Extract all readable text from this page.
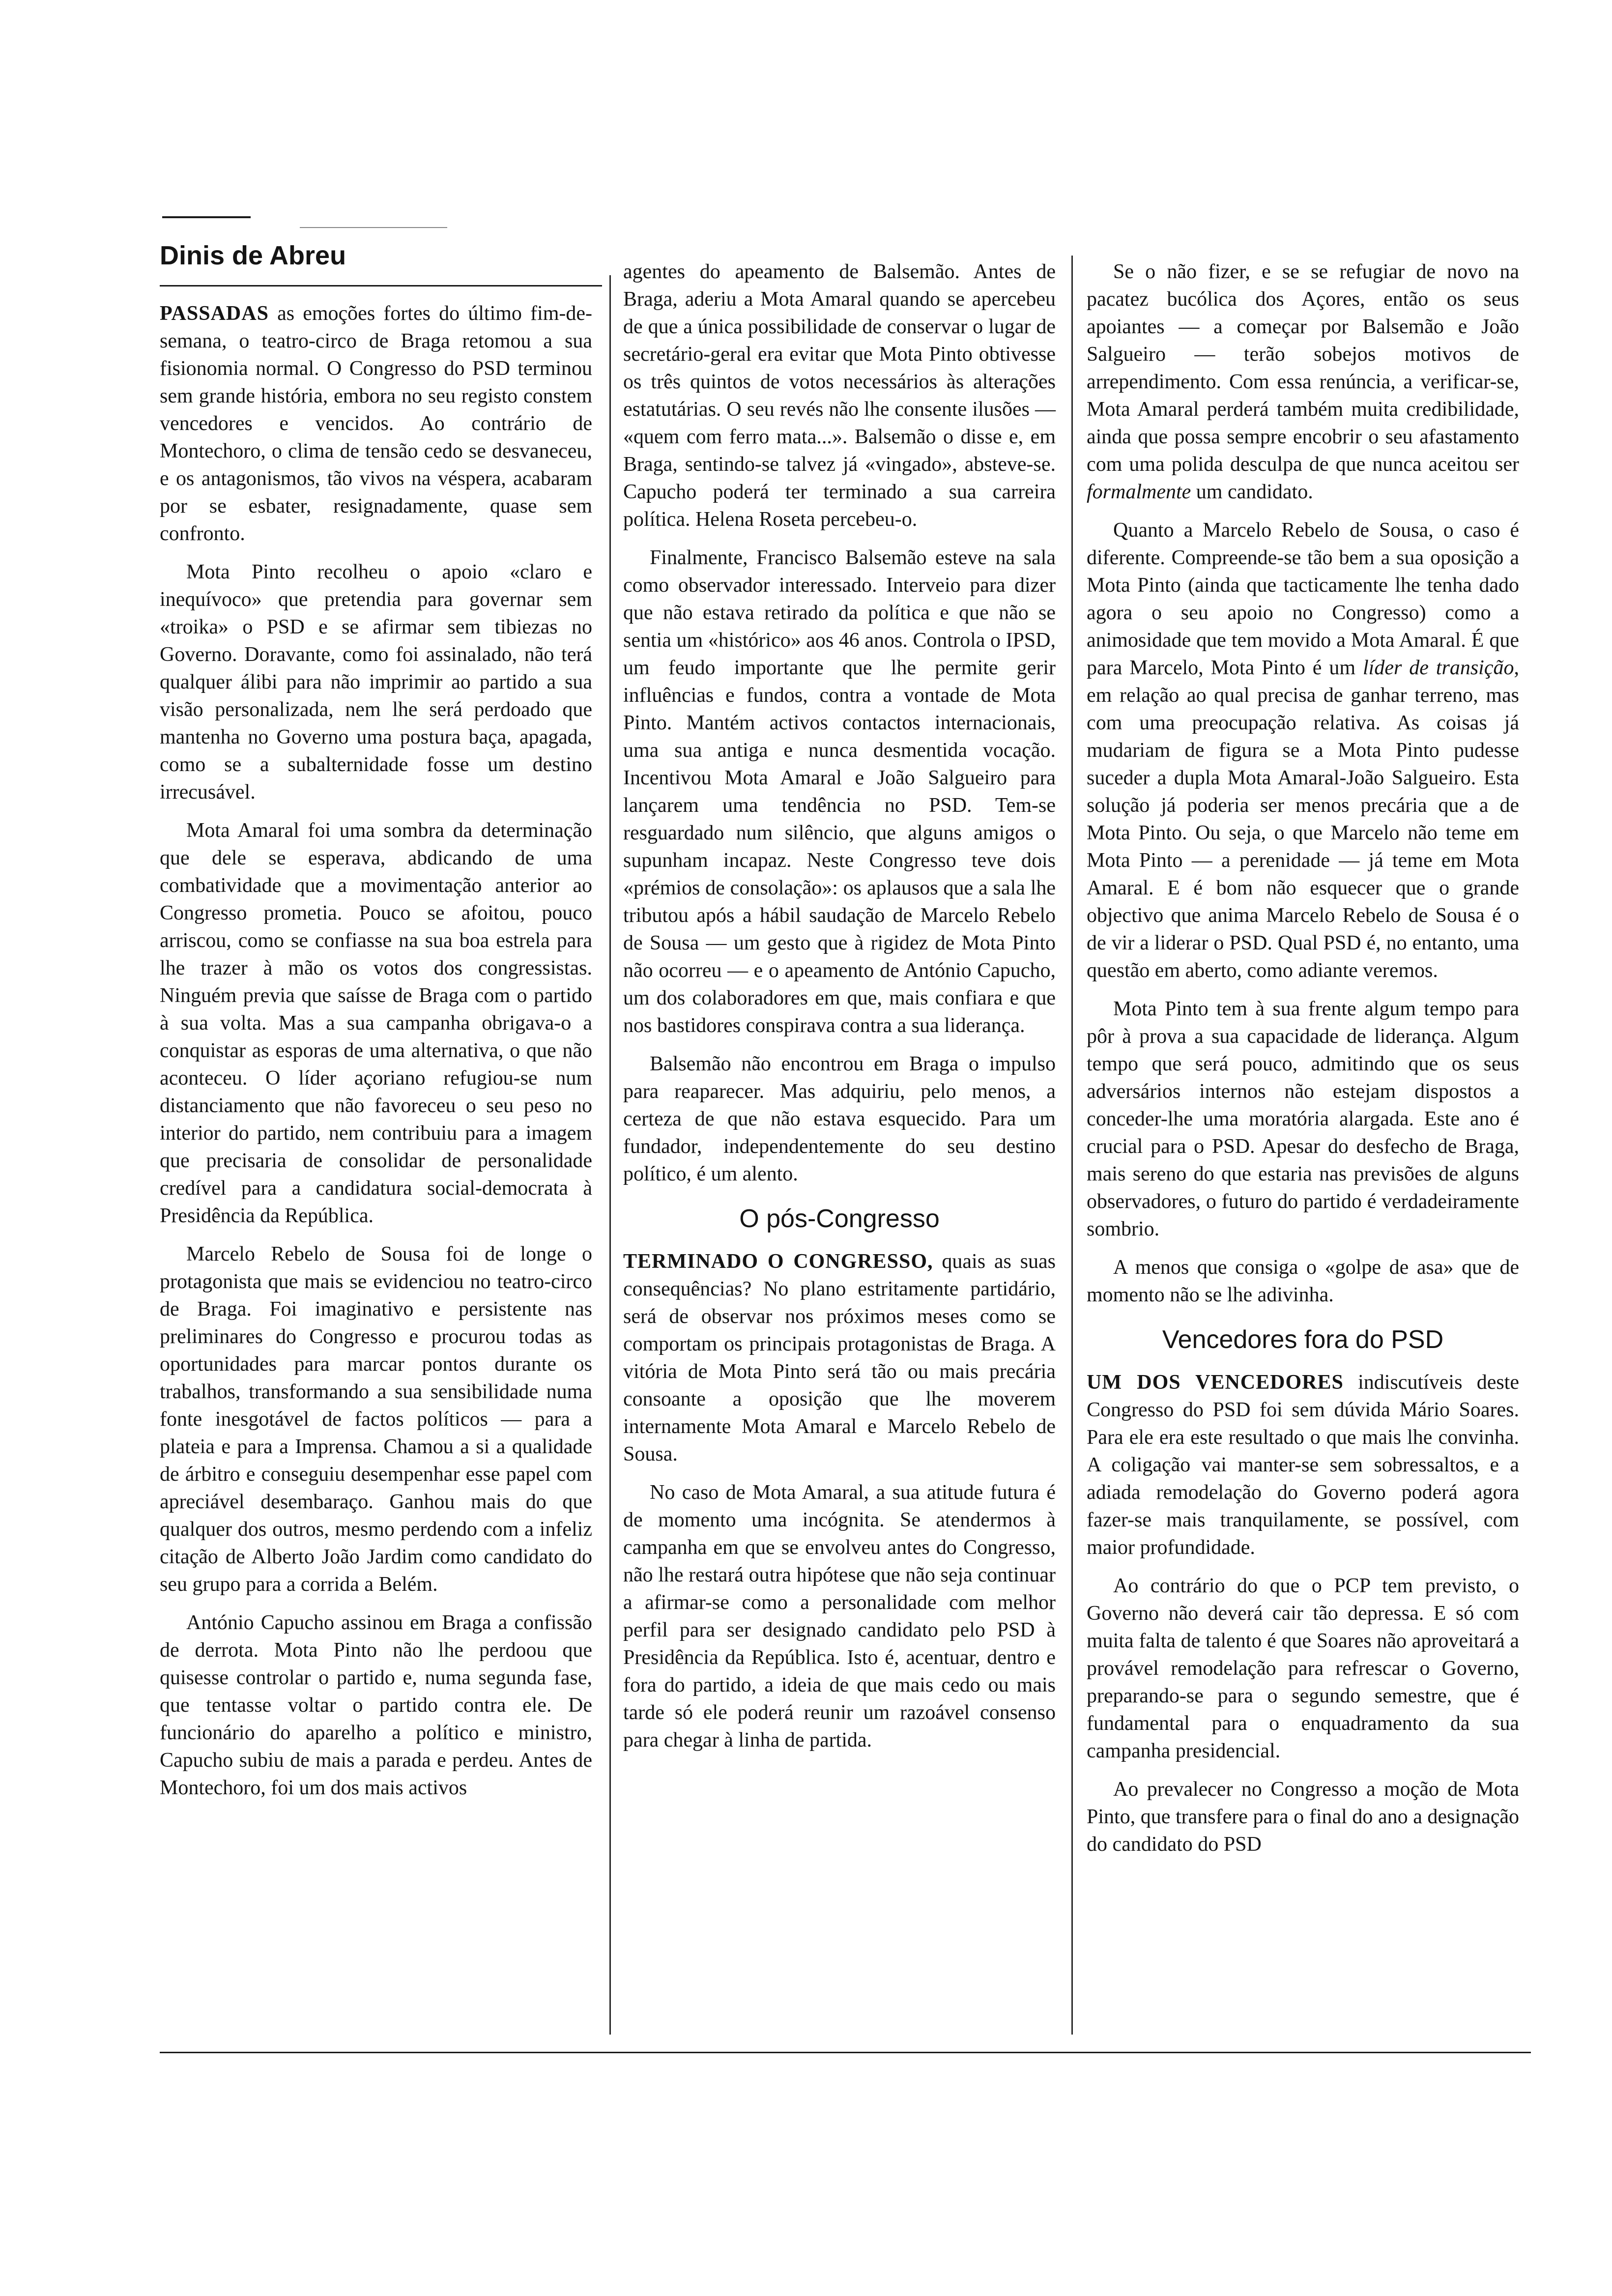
Dinis de Abreu

PASSADAS as emoções fortes do último fim-de-semana, o teatro-circo de Braga retomou a sua fisionomia normal. O Congresso do PSD terminou sem grande história, embora no seu registo constem vencedores e vencidos. Ao contrário de Montechoro, o clima de tensão cedo se desvaneceu, e os antagonismos, tão vivos na véspera, acabaram por se esbater, resignadamente, quase sem confronto.

Mota Pinto recolheu o apoio «claro e inequívoco» que pretendia para governar sem «troika» o PSD e se afirmar sem tibiezas no Governo. Doravante, como foi assinalado, não terá qualquer álibi para não imprimir ao partido a sua visão personalizada, nem lhe será perdoado que mantenha no Governo uma postura baça, apagada, como se a subalternidade fosse um destino irrecusável.

Mota Amaral foi uma sombra da determinação que dele se esperava, abdicando de uma combatividade que a movimentação anterior ao Congresso prometia. Pouco se afoitou, pouco arriscou, como se confiasse na sua boa estrela para lhe trazer à mão os votos dos congressistas. Ninguém previa que saísse de Braga com o partido à sua volta. Mas a sua campanha obrigava-o a conquistar as esporas de uma alternativa, o que não aconteceu. O líder açoriano refugiou-se num distanciamento que não favoreceu o seu peso no interior do partido, nem contribuiu para a imagem que precisaria de consolidar de personalidade credível para a candidatura social-democrata à Presidência da República.

Marcelo Rebelo de Sousa foi de longe o protagonista que mais se evidenciou no teatro-circo de Braga. Foi imaginativo e persistente nas preliminares do Congresso e procurou todas as oportunidades para marcar pontos durante os trabalhos, transformando a sua sensibilidade numa fonte inesgotável de factos políticos — para a plateia e para a Imprensa. Chamou a si a qualidade de árbitro e conseguiu desempenhar esse papel com apreciável desembaraço. Ganhou mais do que qualquer dos outros, mesmo perdendo com a infeliz citação de Alberto João Jardim como candidato do seu grupo para a corrida a Belém.

António Capucho assinou em Braga a confissão de derrota. Mota Pinto não lhe perdoou que quisesse controlar o partido e, numa segunda fase, que tentasse voltar o partido contra ele. De funcionário do aparelho a político e ministro, Capucho subiu de mais a parada e perdeu. Antes de Montechoro, foi um dos mais activos

agentes do apeamento de Balsemão. Antes de Braga, aderiu a Mota Amaral quando se apercebeu de que a única possibilidade de conservar o lugar de secretário-geral era evitar que Mota Pinto obtivesse os três quintos de votos necessários às alterações estatutárias. O seu revés não lhe consente ilusões — «quem com ferro mata...». Balsemão o disse e, em Braga, sentindo-se talvez já «vingado», absteve-se. Capucho poderá ter terminado a sua carreira política. Helena Roseta percebeu-o.

Finalmente, Francisco Balsemão esteve na sala como observador interessado. Interveio para dizer que não estava retirado da política e que não se sentia um «histórico» aos 46 anos. Controla o IPSD, um feudo importante que lhe permite gerir influências e fundos, contra a vontade de Mota Pinto. Mantém activos contactos internacionais, uma sua antiga e nunca desmentida vocação. Incentivou Mota Amaral e João Salgueiro para lançarem uma tendência no PSD. Tem-se resguardado num silêncio, que alguns amigos o supunham incapaz. Neste Congresso teve dois «prémios de consolação»: os aplausos que a sala lhe tributou após a hábil saudação de Marcelo Rebelo de Sousa — um gesto que à rigidez de Mota Pinto não ocorreu — e o apeamento de António Capucho, um dos colaboradores em que, mais confiara e que nos bastidores conspirava contra a sua liderança.

Balsemão não encontrou em Braga o impulso para reaparecer. Mas adquiriu, pelo menos, a certeza de que não estava esquecido. Para um fundador, independentemente do seu destino político, é um alento.

O pós-Congresso

TERMINADO O CONGRESSO, quais as suas consequências? No plano estritamente partidário, será de observar nos próximos meses como se comportam os principais protagonistas de Braga. A vitória de Mota Pinto será tão ou mais precária consoante a oposição que lhe moverem internamente Mota Amaral e Marcelo Rebelo de Sousa.

No caso de Mota Amaral, a sua atitude futura é de momento uma incógnita. Se atendermos à campanha em que se envolveu antes do Congresso, não lhe restará outra hipótese que não seja continuar a afirmar-se como a personalidade com melhor perfil para ser designado candidato pelo PSD à Presidência da República. Isto é, acentuar, dentro e fora do partido, a ideia de que mais cedo ou mais tarde só ele poderá reunir um razoável consenso para chegar à linha de partida.

Se o não fizer, e se se refugiar de novo na pacatez bucólica dos Açores, então os seus apoiantes — a começar por Balsemão e João Salgueiro — terão sobejos motivos de arrependimento. Com essa renúncia, a verificar-se, Mota Amaral perderá também muita credibilidade, ainda que possa sempre encobrir o seu afastamento com uma polida desculpa de que nunca aceitou ser formalmente um candidato.

Quanto a Marcelo Rebelo de Sousa, o caso é diferente. Compreende-se tão bem a sua oposição a Mota Pinto (ainda que tacticamente lhe tenha dado agora o seu apoio no Congresso) como a animosidade que tem movido a Mota Amaral. É que para Marcelo, Mota Pinto é um líder de transição, em relação ao qual precisa de ganhar terreno, mas com uma preocupação relativa. As coisas já mudariam de figura se a Mota Pinto pudesse suceder a dupla Mota Amaral-João Salgueiro. Esta solução já poderia ser menos precária que a de Mota Pinto. Ou seja, o que Marcelo não teme em Mota Pinto — a perenidade — já teme em Mota Amaral. E é bom não esquecer que o grande objectivo que anima Marcelo Rebelo de Sousa é o de vir a liderar o PSD. Qual PSD é, no entanto, uma questão em aberto, como adiante veremos.

Mota Pinto tem à sua frente algum tempo para pôr à prova a sua capacidade de liderança. Algum tempo que será pouco, admitindo que os seus adversários internos não estejam dispostos a conceder-lhe uma moratória alargada. Este ano é crucial para o PSD. Apesar do desfecho de Braga, mais sereno do que estaria nas previsões de alguns observadores, o futuro do partido é verdadeiramente sombrio.

A menos que consiga o «golpe de asa» que de momento não se lhe adivinha.

Vencedores fora do PSD

UM DOS VENCEDORES indiscutíveis deste Congresso do PSD foi sem dúvida Mário Soares. Para ele era este resultado o que mais lhe convinha. A coligação vai manter-se sem sobressaltos, e a adiada remodelação do Governo poderá agora fazer-se mais tranquilamente, se possível, com maior profundidade.

Ao contrário do que o PCP tem previsto, o Governo não deverá cair tão depressa. E só com muita falta de talento é que Soares não aproveitará a provável remodelação para refrescar o Governo, preparando-se para o segundo semestre, que é fundamental para o enquadramento da sua campanha presidencial.

Ao prevalecer no Congresso a moção de Mota Pinto, que transfere para o final do ano a designação do candidato do PSD
